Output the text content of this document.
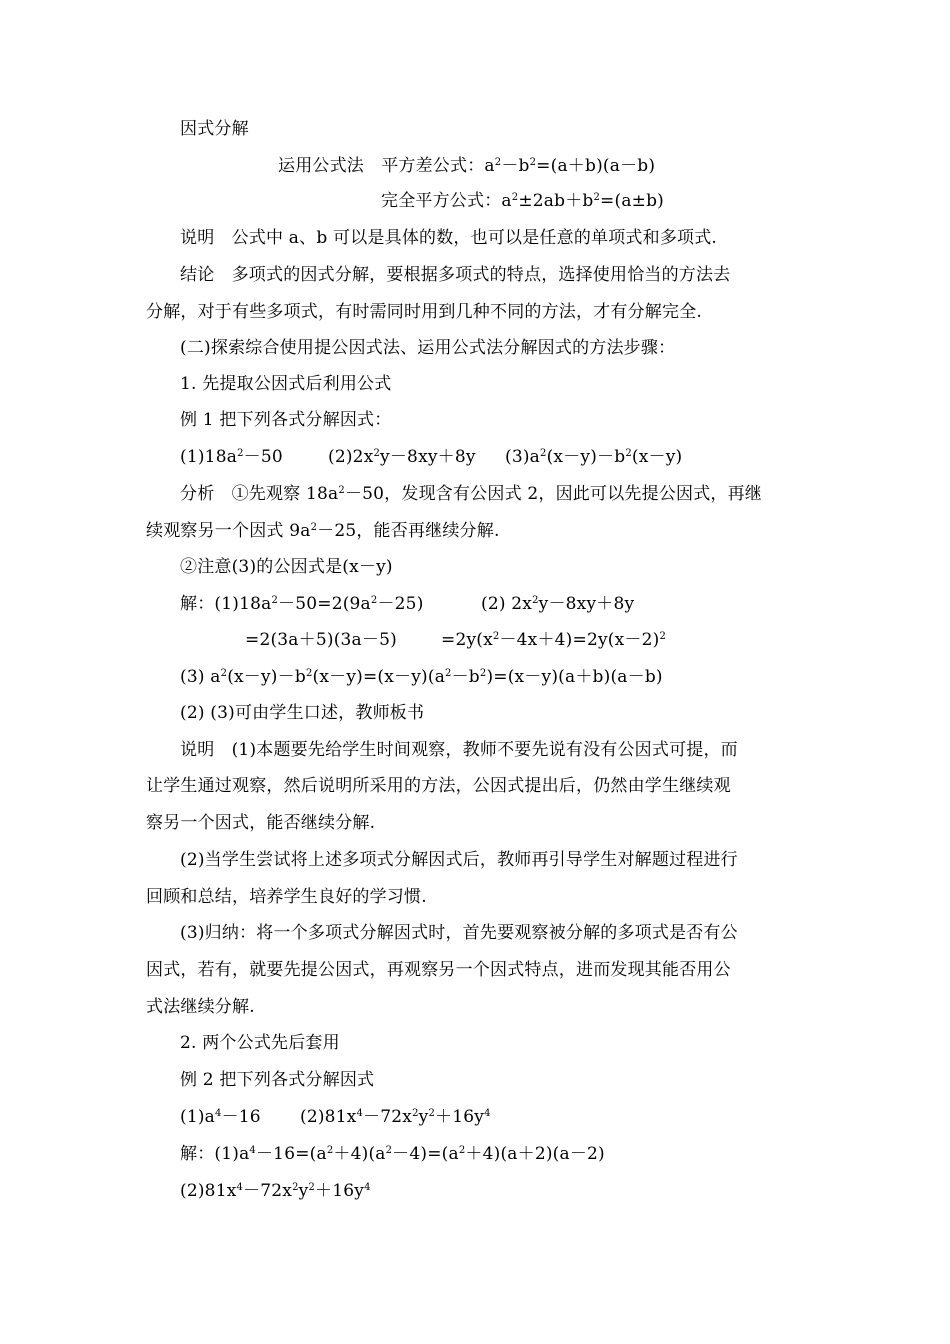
因式分解
运用公式法　平方差公式：$a^2-b^2=(a+b)(a-b)$
完全平方公式：$a^2\pm 2ab+b^2=(a\pm b)$
说明　公式中 a、b 可以是具体的数，也可以是任意的单项式和多项式.
结论　多项式的因式分解，要根据多项式的特点，选择使用恰当的方法去
分解，对于有些多项式，有时需同时用到几种不同的方法，才有分解完全.
(二)探索综合使用提公因式法、运用公式法分解因式的方法步骤：
1. 先提取公因式后利用公式
例 1 把下列各式分解因式：
$(1)18a^2-50$	$(2)2x^2y-8xy+8y$ $(3)a^2(x-y)-b^2(x-y)$
分析　①先观察 $18a^2-50$，发现含有公因式 2，因此可以先提公因式，再继
续观察另一个因式 $9a^2-25$，能否再继续分解.
②注意(3)的公因式是(x－y)
解：$(1)18a^2-50=2(9a^2-25)$	(2) $2x^2y-8xy+8y$
=2(3a＋5)(3a－5)	$=2y(x^2-4x+4)=2y(x-2)^2$
(3) $a^2(x-y)-b^2(x-y)=(x-y)(a^2-b^2)=(x-y)(a+b)(a-b)$
(2) (3)可由学生口述，教师板书
说明　(1)本题要先给学生时间观察，教师不要先说有没有公因式可提，而
让学生通过观察，然后说明所采用的方法，公因式提出后，仍然由学生继续观
察另一个因式，能否继续分解.
(2)当学生尝试将上述多项式分解因式后，教师再引导学生对解题过程进行
回顾和总结，培养学生良好的学习惯.
(3)归纳：将一个多项式分解因式时，首先要观察被分解的多项式是否有公
因式，若有，就要先提公因式，再观察另一个因式特点，进而发现其能否用公
式法继续分解.
2. 两个公式先后套用
例 2 把下列各式分解因式
$(1)a^4-16$ $(2)81x^4-72x^2y^2+16y^4$
解：$(1)a^4-16=(a^2+4)(a^2-4)=(a^2+4)(a+2)(a-2)$
$(2)81x^4-72x^2y^2+16y^4$
